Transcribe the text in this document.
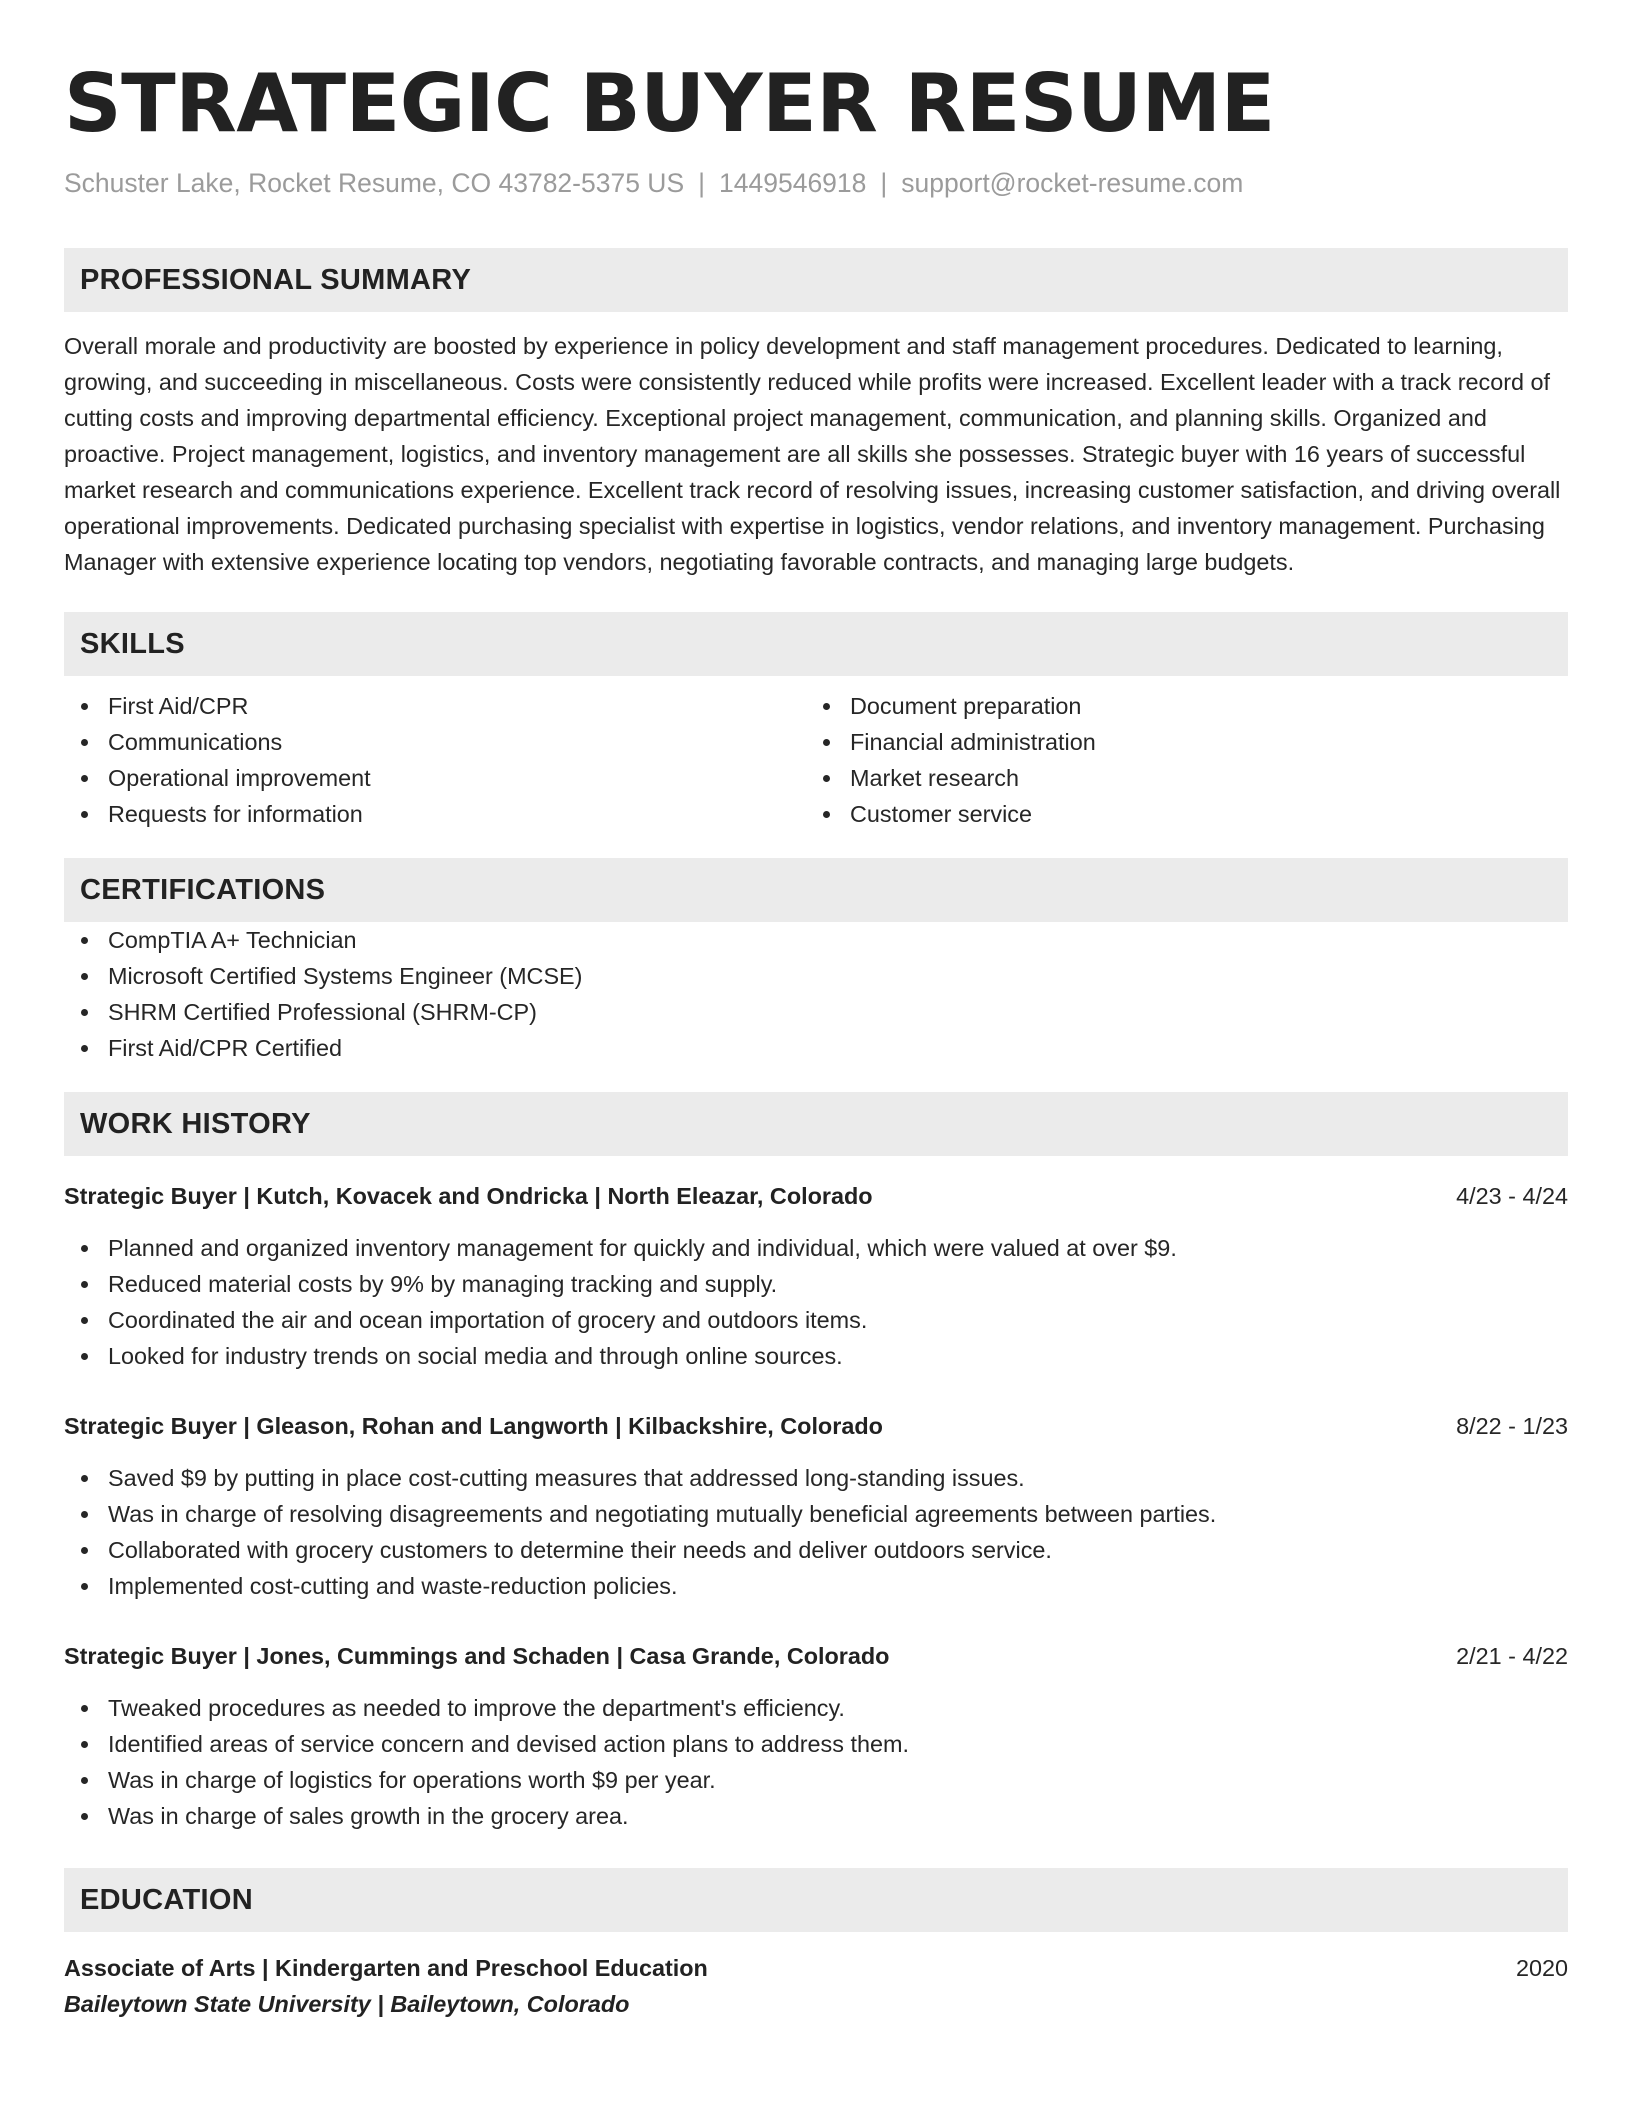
STRATEGIC BUYER RESUME
Schuster Lake, Rocket Resume, CO 43782-5375 US | 1449546918 | support@rocket-resume.com
PROFESSIONAL SUMMARY
Overall morale and productivity are boosted by experience in policy development and staff management procedures. Dedicated to learning, growing, and succeeding in miscellaneous. Costs were consistently reduced while profits were increased. Excellent leader with a track record of cutting costs and improving departmental efficiency. Exceptional project management, communication, and planning skills. Organized and proactive. Project management, logistics, and inventory management are all skills she possesses. Strategic buyer with 16 years of successful market research and communications experience. Excellent track record of resolving issues, increasing customer satisfaction, and driving overall operational improvements. Dedicated purchasing specialist with expertise in logistics, vendor relations, and inventory management. Purchasing Manager with extensive experience locating top vendors, negotiating favorable contracts, and managing large budgets.
SKILLS
First Aid/CPR
Communications
Operational improvement
Requests for information
Document preparation
Financial administration
Market research
Customer service
CERTIFICATIONS
CompTIA A+ Technician
Microsoft Certified Systems Engineer (MCSE)
SHRM Certified Professional (SHRM-CP)
First Aid/CPR Certified
WORK HISTORY
Strategic Buyer | Kutch, Kovacek and Ondricka | North Eleazar, Colorado	4/23 - 4/24
Planned and organized inventory management for quickly and individual, which were valued at over $9.
Reduced material costs by 9% by managing tracking and supply.
Coordinated the air and ocean importation of grocery and outdoors items.
Looked for industry trends on social media and through online sources.
Strategic Buyer | Gleason, Rohan and Langworth | Kilbackshire, Colorado	8/22 - 1/23
Saved $9 by putting in place cost-cutting measures that addressed long-standing issues.
Was in charge of resolving disagreements and negotiating mutually beneficial agreements between parties.
Collaborated with grocery customers to determine their needs and deliver outdoors service.
Implemented cost-cutting and waste-reduction policies.
Strategic Buyer | Jones, Cummings and Schaden | Casa Grande, Colorado	2/21 - 4/22
Tweaked procedures as needed to improve the department's efficiency.
Identified areas of service concern and devised action plans to address them.
Was in charge of logistics for operations worth $9 per year.
Was in charge of sales growth in the grocery area.
EDUCATION
Associate of Arts | Kindergarten and Preschool Education	2020
Baileytown State University | Baileytown, Colorado
